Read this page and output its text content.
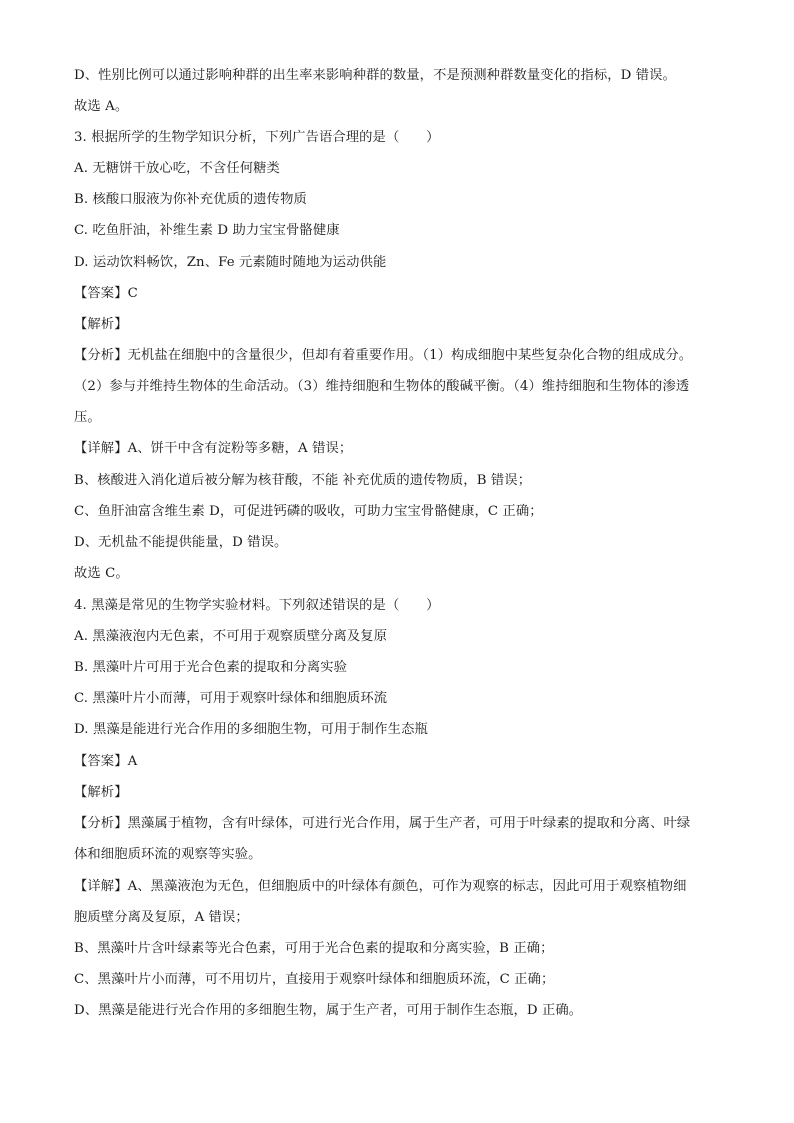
D、性别比例可以通过影响种群的出生率来影响种群的数量，不是预测种群数量变化的指标，D 错误。
故选 A。
3. 根据所学的生物学知识分析，下列广告语合理的是（　　）
A. 无糖饼干放心吃，不含任何糖类
B. 核酸口服液为你补充优质的遗传物质
C. 吃鱼肝油，补维生素 D 助力宝宝骨骼健康
D. 运动饮料畅饮，Zn、Fe 元素随时随地为运动供能
【答案】C
【解析】
【分析】无机盐在细胞中的含量很少，但却有着重要作用。（1）构成细胞中某些复杂化合物的组成成分。
（2）参与并维持生物体的生命活动。（3）维持细胞和生物体的酸碱平衡。（4）维持细胞和生物体的渗透
压。
【详解】A、饼干中含有淀粉等多糖，A 错误；
B、核酸进入消化道后被分解为核苷酸，不能 补充优质的遗传物质，B 错误；
C、鱼肝油富含维生素 D，可促进钙磷的吸收，可助力宝宝骨骼健康，C 正确；
D、无机盐不能提供能量，D 错误。
故选 C。
4. 黑藻是常见的生物学实验材料。下列叙述错误的是（　　）
A. 黑藻液泡内无色素，不可用于观察质壁分离及复原
B. 黑藻叶片可用于光合色素的提取和分离实验
C. 黑藻叶片小而薄，可用于观察叶绿体和细胞质环流
D. 黑藻是能进行光合作用的多细胞生物，可用于制作生态瓶
【答案】A
【解析】
【分析】黑藻属于植物，含有叶绿体，可进行光合作用，属于生产者，可用于叶绿素的提取和分离、叶绿
体和细胞质环流的观察等实验。
【详解】A、黑藻液泡为无色，但细胞质中的叶绿体有颜色，可作为观察的标志，因此可用于观察植物细
胞质壁分离及复原，A 错误；
B、黑藻叶片含叶绿素等光合色素，可用于光合色素的提取和分离实验，B 正确；
C、黑藻叶片小而薄，可不用切片，直接用于观察叶绿体和细胞质环流，C 正确；
D、黑藻是能进行光合作用的多细胞生物，属于生产者，可用于制作生态瓶，D 正确。
